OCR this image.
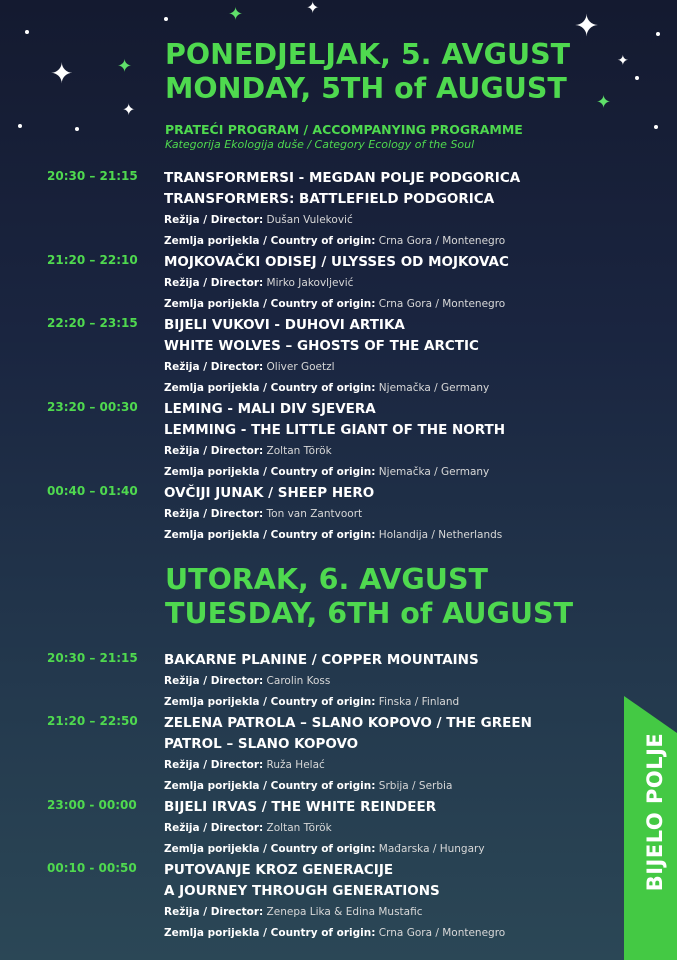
✦	✦
✦
✦ ✦
✦
✦
✦
PONEDJELJAK, 5. AVGUST
MONDAY, 5TH of AUGUST
PRATEĆI PROGRAM / ACCOMPANYING PROGRAMME
Kategorija Ekologija duše / Category Ecology of the Soul
20:30 – 21:15 TRANSFORMERSI - MEGDAN POLJE PODGORICA
TRANSFORMERS: BATTLEFIELD PODGORICA
Režija / Director: Dušan Vuleković
Zemlja porijekla / Country of origin: Crna Gora / Montenegro
21:20 – 22:10 MOJKOVAČKI ODISEJ / ULYSSES OD MOJKOVAC
Režija / Director: Mirko Jakovljević
Zemlja porijekla / Country of origin: Crna Gora / Montenegro
22:20 – 23:15 BIJELI VUKOVI - DUHOVI ARTIKA
WHITE WOLVES – GHOSTS OF THE ARCTIC
Režija / Director: Oliver Goetzl
Zemlja porijekla / Country of origin: Njemačka / Germany
23:20 – 00:30 LEMING - MALI DIV SJEVERA
LEMMING - THE LITTLE GIANT OF THE NORTH
Režija / Director: Zoltan Török
Zemlja porijekla / Country of origin: Njemačka / Germany
00:40 – 01:40 OVČIJI JUNAK / SHEEP HERO
Režija / Director: Ton van Zantvoort
Zemlja porijekla / Country of origin: Holandija / Netherlands
UTORAK, 6. AVGUST
TUESDAY, 6TH of AUGUST
20:30 – 21:15 BAKARNE PLANINE / COPPER MOUNTAINS
Režija / Director: Carolin Koss
Zemlja porijekla / Country of origin: Finska / Finland
21:20 – 22:50 ZELENA PATROLA – SLANO KOPOVO / THE GREEN
PATROL – SLANO KOPOVO
Režija / Director: Ruža Helać
Zemlja porijekla / Country of origin: Srbija / Serbia
23:00 - 00:00 BIJELI IRVAS / THE WHITE REINDEER
Režija / Director: Zoltan Török
Zemlja porijekla / Country of origin: Mađarska / Hungary
00:10 - 00:50 PUTOVANJE KROZ GENERACIJE
A JOURNEY THROUGH GENERATIONS
Režija / Director: Zenepa Lika & Edina Mustafic
Zemlja porijekla / Country of origin: Crna Gora / Montenegro
BIJELO POLJE
